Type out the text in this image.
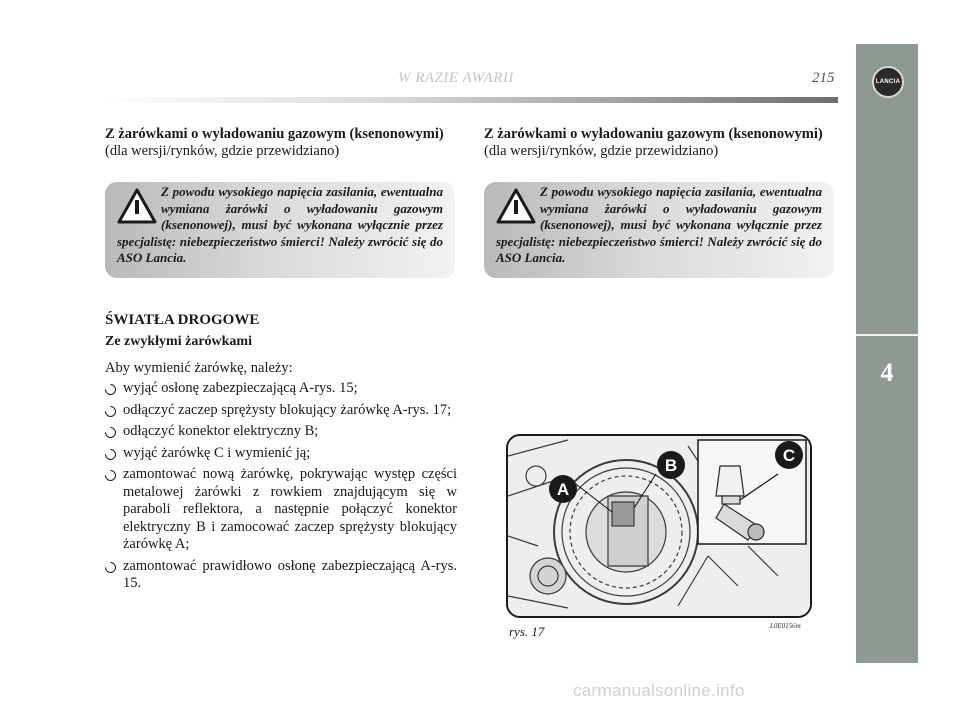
W RAZIE AWARII	215	LANCIA
4
Z żarówkami o wyładowaniu gazowym (ksenonowymi)
(dla wersji/rynków, gdzie przewidziano)
Z powodu wysokiego napięcia zasilania, ewentualna wymiana żarówki o wyładowaniu gazowym (ksenonowej), musi być wykonana wyłącznie przez specjalistę: niebezpieczeństwo śmierci! Należy zwrócić się do ASO Lancia.
ŚWIATŁA DROGOWE
Ze zwykłymi żarówkami
Aby wymienić żarówkę, należy:
wyjąć osłonę zabezpieczającą A-rys. 15;
odłączyć zaczep sprężysty blokujący żarówkę A-rys. 17;
odłączyć konektor elektryczny B;
wyjąć żarówkę C i wymienić ją;
zamontować nową żarówkę, pokrywając występ części metalowej żarówki z rowkiem znajdującym się w paraboli reflektora, a następnie połączyć konektor elektryczny B i zamocować zaczep sprężysty blokujący żarówkę A;
zamontować prawidłowo osłonę zabezpieczającą A-rys. 15.
Z żarówkami o wyładowaniu gazowym (ksenonowymi)
(dla wersji/rynków, gdzie przewidziano)
Z powodu wysokiego napięcia zasilania, ewentualna wymiana żarówki o wyładowaniu gazowym (ksenonowej), musi być wykonana wyłącznie przez specjalistę: niebezpieczeństwo śmierci! Należy zwrócić się do ASO Lancia.
A
B
C
rys. 17	L0E0156m
carmanualsonline.info
